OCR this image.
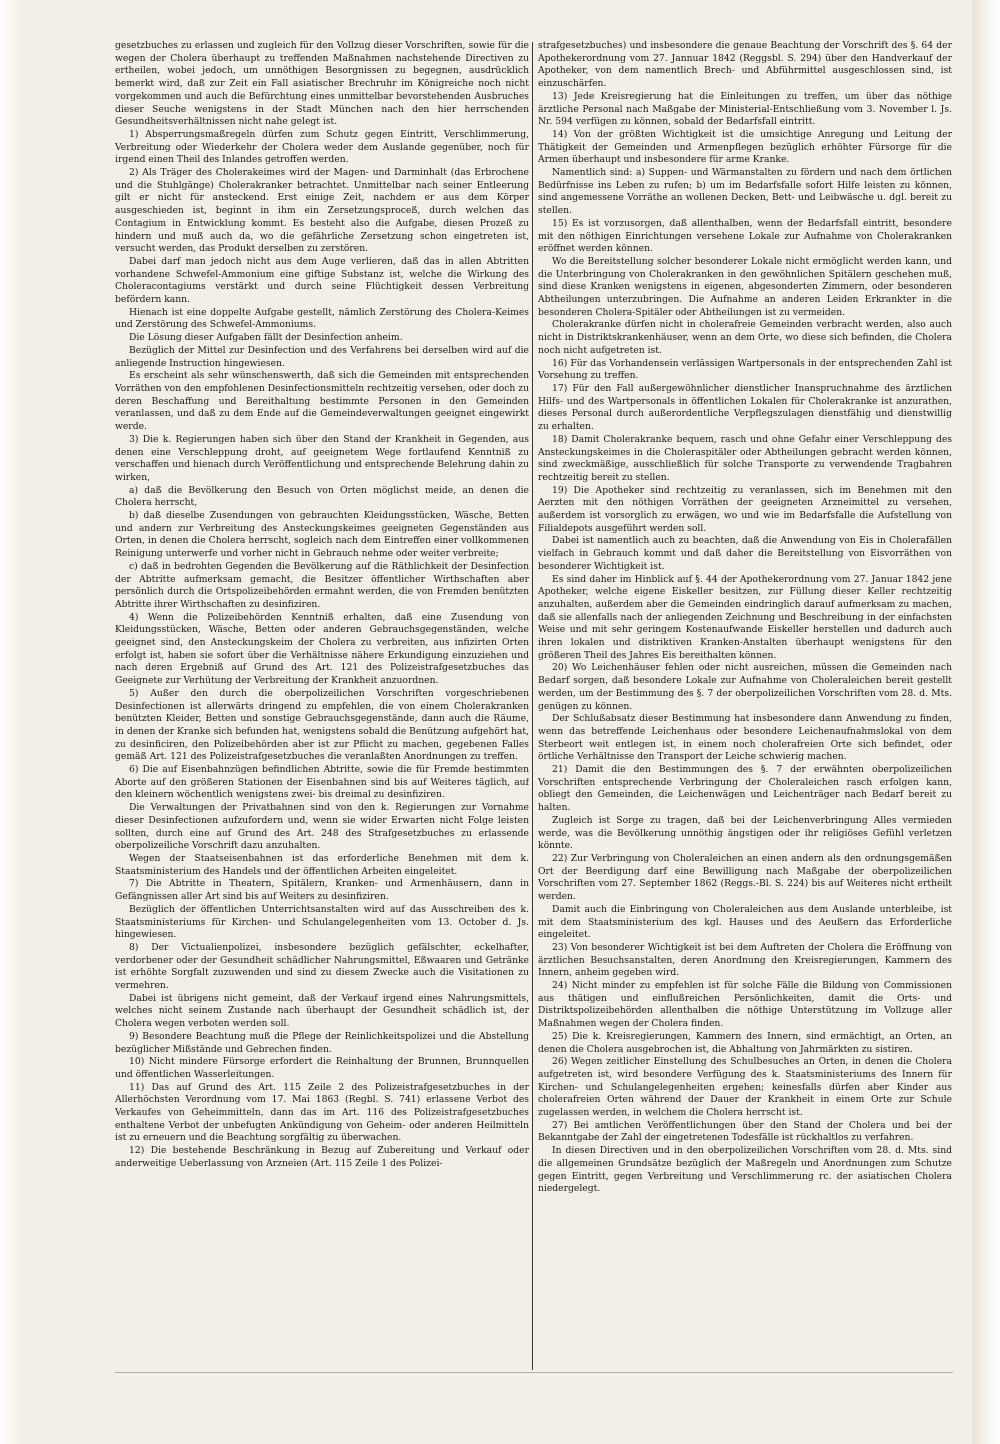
gesetzbuches zu erlassen und zugleich für den Vollzug dieser Vorschriften, sowie für die wegen der Cholera überhaupt zu treffenden Maßnahmen nachstehende Directiven zu ertheilen, wobei jedoch, um unnöthigen Besorgnissen zu begegnen, ausdrücklich bemerkt wird, daß zur Zeit ein Fall asiatischer Brechruhr im Königreiche noch nicht vorgekommen und auch die Befürchtung eines unmittelbar bevorstehenden Ausbruches dieser Seuche wenigstens in der Stadt München nach den hier herrschenden Gesundheitsverhältnissen nicht nahe gelegt ist.

1) Absperrungsmaßregeln dürfen zum Schutz gegen Eintritt, Verschlimmerung, Verbreitung oder Wiederkehr der Cholera weder dem Auslande gegenüber, noch für irgend einen Theil des Inlandes getroffen werden.

2) Als Träger des Cholerakeimes wird der Magen- und Darminhalt (das Erbrochene und die Stuhlgänge) Cholerakranker betrachtet. Unmittelbar nach seiner Entleerung gilt er nicht für ansteckend. Erst einige Zeit, nachdem er aus dem Körper ausgeschieden ist, beginnt in ihm ein Zersetzungsproceß, durch welchen das Contagium in Entwicklung kommt. Es besteht also die Aufgabe, diesen Prozeß zu hindern und muß auch da, wo die gefährliche Zersetzung schon eingetreten ist, versucht werden, das Produkt derselben zu zerstören.

Dabei darf man jedoch nicht aus dem Auge verlieren, daß das in allen Abtritten vorhandene Schwefel-Ammonium eine giftige Substanz ist, welche die Wirkung des Choleracontagiums verstärkt und durch seine Flüchtigkeit dessen Verbreitung befördern kann.

Hienach ist eine doppelte Aufgabe gestellt, nämlich Zerstörung des Cholera-Keimes und Zerstörung des Schwefel-Ammoniums.

Die Lösung dieser Aufgaben fällt der Desinfection anheim.

Bezüglich der Mittel zur Desinfection und des Verfahrens bei derselben wird auf die anliegende Instruction hingewiesen.

Es erscheint als sehr wünschenswerth, daß sich die Gemeinden mit entsprechenden Vorräthen von den empfohlenen Desinfectionsmitteln rechtzeitig versehen, oder doch zu deren Beschaffung und Bereithaltung bestimmte Personen in den Gemeinden veranlassen, und daß zu dem Ende auf die Gemeindeverwaltungen geeignet eingewirkt werde.

3) Die k. Regierungen haben sich über den Stand der Krankheit in Gegenden, aus denen eine Verschleppung droht, auf geeignetem Wege fortlaufend Kenntniß zu verschaffen und hienach durch Veröffentlichung und entsprechende Belehrung dahin zu wirken,

a) daß die Bevölkerung den Besuch von Orten möglichst meide, an denen die Cholera herrscht,

b) daß dieselbe Zusendungen von gebrauchten Kleidungsstücken, Wäsche, Betten und andern zur Verbreitung des Ansteckungskeimes geeigneten Gegenständen aus Orten, in denen die Cholera herrscht, sogleich nach dem Eintreffen einer vollkommenen Reinigung unterwerfe und vorher nicht in Gebrauch nehme oder weiter verbreite;

c) daß in bedrohten Gegenden die Bevölkerung auf die Räthlichkeit der Desinfection der Abtritte aufmerksam gemacht, die Besitzer öffentlicher Wirthschaften aber persönlich durch die Ortspolizeibehörden ermahnt werden, die von Fremden benützten Abtritte ihrer Wirthschaften zu desinfiziren.

4) Wenn die Polizeibehörden Kenntniß erhalten, daß eine Zusendung von Kleidungsstücken, Wäsche, Betten oder anderen Gebrauchsgegenständen, welche geeignet sind, den Ansteckungskeim der Cholera zu verbreiten, aus infizirten Orten erfolgt ist, haben sie sofort über die Verhältnisse nähere Erkundigung einzuziehen und nach deren Ergebniß auf Grund des Art. 121 des Polizeistrafgesetzbuches das Geeignete zur Verhütung der Verbreitung der Krankheit anzuordnen.

5) Außer den durch die oberpolizeilichen Vorschriften vorgeschriebenen Desinfectionen ist allerwärts dringend zu empfehlen, die von einem Cholerakranken benützten Kleider, Betten und sonstige Gebrauchsgegenstände, dann auch die Räume, in denen der Kranke sich befunden hat, wenigstens sobald die Benützung aufgehört hat, zu desinficiren, den Polizeibehörden aber ist zur Pflicht zu machen, gegebenen Falles gemäß Art. 121 des Polizeistrafgesetzbuches die veranlaßten Anordnungen zu treffen.

6) Die auf Eisenbahnzügen befindlichen Abtritte, sowie die für Fremde bestimmten Aborte auf den größeren Stationen der Eisenbahnen sind bis auf Weiteres täglich, auf den kleinern wöchentlich wenigstens zwei- bis dreimal zu desinfiziren.

Die Verwaltungen der Privatbahnen sind von den k. Regierungen zur Vornahme dieser Desinfectionen aufzufordern und, wenn sie wider Erwarten nicht Folge leisten sollten, durch eine auf Grund des Art. 248 des Strafgesetzbuches zu erlassende oberpolizeiliche Vorschrift dazu anzuhalten.

Wegen der Staatseisenbahnen ist das erforderliche Benehmen mit dem k. Staatsministerium des Handels und der öffentlichen Arbeiten eingeleitet.

7) Die Abtritte in Theatern, Spitälern, Kranken- und Armenhäusern, dann in Gefängnissen aller Art sind bis auf Weiters zu desinfiziren.

Bezüglich der öffentlichen Unterrichtsanstalten wird auf das Ausschreiben des k. Staatsministeriums für Kirchen- und Schulangelegenheiten vom 13. October d. Js. hingewiesen.

8) Der Victualienpolizei, insbesondere bezüglich gefälschter, eckelhafter, verdorbener oder der Gesundheit schädlicher Nahrungsmittel, Eßwaaren und Getränke ist erhöhte Sorgfalt zuzuwenden und sind zu diesem Zwecke auch die Visitationen zu vermehren.

Dabei ist übrigens nicht gemeint, daß der Verkauf irgend eines Nahrungsmittels, welches nicht seinem Zustande nach überhaupt der Gesundheit schädlich ist, der Cholera wegen verboten werden soll.

9) Besondere Beachtung muß die Pflege der Reinlichkeitspolizei und die Abstellung bezüglicher Mißstände und Gebrechen finden.

10) Nicht mindere Fürsorge erfordert die Reinhaltung der Brunnen, Brunnquellen und öffentlichen Wasserleitungen.

11) Das auf Grund des Art. 115 Zeile 2 des Polizeistrafgesetzbuches in der Allerhöchsten Verordnung vom 17. Mai 1863 (Regbl. S. 741) erlassene Verbot des Verkaufes von Geheimmitteln, dann das im Art. 116 des Polizeistrafgesetzbuches enthaltene Verbot der unbefugten Ankündigung von Geheim- oder anderen Heilmitteln ist zu erneuern und die Beachtung sorgfältig zu überwachen.

12) Die bestehende Beschränkung in Bezug auf Zubereitung und Verkauf oder anderweitige Ueberlassung von Arzneien (Art. 115 Zeile 1 des Polizei-

strafgesetzbuches) und insbesondere die genaue Beachtung der Vorschrift des §. 64 der Apothekerordnung vom 27. Jannuar 1842 (Reggsbl. S. 294) über den Handverkauf der Apotheker, von dem namentlich Brech- und Abführmittel ausgeschlossen sind, ist einzuschärfen.

13) Jede Kreisregierung hat die Einleitungen zu treffen, um über das nöthige ärztliche Personal nach Maßgabe der Ministerial-Entschließung vom 3. November l. Js. Nr. 594 verfügen zu können, sobald der Bedarfsfall eintritt.

14) Von der größten Wichtigkeit ist die umsichtige Anregung und Leitung der Thätigkeit der Gemeinden und Armenpflegen bezüglich erhöhter Fürsorge für die Armen überhaupt und insbesondere für arme Kranke.

Namentlich sind: a) Suppen- und Wärmanstalten zu fördern und nach dem örtlichen Bedürfnisse ins Leben zu rufen; b) um im Bedarfsfalle sofort Hilfe leisten zu können, sind angemessene Vorräthe an wollenen Decken, Bett- und Leibwäsche u. dgl. bereit zu stellen.

15) Es ist vorzusorgen, daß allenthalben, wenn der Bedarfsfall eintritt, besondere mit den nöthigen Einrichtungen versehene Lokale zur Aufnahme von Cholerakranken eröffnet werden können.

Wo die Bereitstellung solcher besonderer Lokale nicht ermöglicht werden kann, und die Unterbringung von Cholerakranken in den gewöhnlichen Spitälern geschehen muß, sind diese Kranken wenigstens in eigenen, abgesonderten Zimmern, oder besonderen Abtheilungen unterzubringen. Die Aufnahme an anderen Leiden Erkrankter in die besonderen Cholera-Spitäler oder Abtheilungen ist zu vermeiden.

Cholerakranke dürfen nicht in cholerafreie Gemeinden verbracht werden, also auch nicht in Distriktskrankenhäuser, wenn an dem Orte, wo diese sich befinden, die Cholera noch nicht aufgetreten ist.

16) Für das Vorhandensein verlässigen Wartpersonals in der entsprechenden Zahl ist Vorsehung zu treffen.

17) Für den Fall außergewöhnlicher dienstlicher Inanspruchnahme des ärztlichen Hilfs- und des Wartpersonals in öffentlichen Lokalen für Cholerakranke ist anzurathen, dieses Personal durch außerordentliche Verpflegszulagen dienstfähig und dienstwillig zu erhalten.

18) Damit Cholerakranke bequem, rasch und ohne Gefahr einer Verschleppung des Ansteckungskeimes in die Choleraspitäler oder Abtheilungen gebracht werden können, sind zweckmäßige, ausschließlich für solche Transporte zu verwendende Tragbahren rechtzeitig bereit zu stellen.

19) Die Apotheker sind rechtzeitig zu veranlassen, sich im Benehmen mit den Aerzten mit den nöthigen Vorräthen der geeigneten Arzneimittel zu versehen, außerdem ist vorsorglich zu erwägen, wo und wie im Bedarfsfalle die Aufstellung von Filialdepots ausgeführt werden soll.

Dabei ist namentlich auch zu beachten, daß die Anwendung von Eis in Cholerafällen vielfach in Gebrauch kommt und daß daher die Bereitstellung von Eisvorräthen von besonderer Wichtigkeit ist.

Es sind daher im Hinblick auf §. 44 der Apothekerordnung vom 27. Januar 1842 jene Apotheker, welche eigene Eiskeller besitzen, zur Füllung dieser Keller rechtzeitig anzuhalten, außerdem aber die Gemeinden eindringlich darauf aufmerksam zu machen, daß sie allenfalls nach der anliegenden Zeichnung und Beschreibung in der einfachsten Weise und mit sehr geringem Kostenaufwande Eiskeller herstellen und dadurch auch ihren lokalen und distriktiven Kranken-Anstalten überhaupt wenigstens für den größeren Theil des Jahres Eis bereithalten können.

20) Wo Leichenhäuser fehlen oder nicht ausreichen, müssen die Gemeinden nach Bedarf sorgen, daß besondere Lokale zur Aufnahme von Choleraleichen bereit gestellt werden, um der Bestimmung des §. 7 der oberpolizeilichen Vorschriften vom 28. d. Mts. genügen zu können.

Der Schlußabsatz dieser Bestimmung hat insbesondere dann Anwendung zu finden, wenn das betreffende Leichenhaus oder besondere Leichenaufnahmslokal von dem Sterbeort weit entlegen ist, in einem noch cholerafreien Orte sich befindet, oder örtliche Verhältnisse den Transport der Leiche schwierig machen.

21) Damit die den Bestimmungen des §. 7 der erwähnten oberpolizeilichen Vorschriften entsprechende Verbringung der Choleraleichen rasch erfolgen kann, obliegt den Gemeinden, die Leichenwägen und Leichenträger nach Bedarf bereit zu halten.

Zugleich ist Sorge zu tragen, daß bei der Leichenverbringung Alles vermieden werde, was die Bevölkerung unnöthig ängstigen oder ihr religiöses Gefühl verletzen könnte.

22) Zur Verbringung von Choleraleichen an einen andern als den ordnungsgemäßen Ort der Beerdigung darf eine Bewilligung nach Maßgabe der oberpolizeilichen Vorschriften vom 27. September 1862 (Reggs.-Bl. S. 224) bis auf Weiteres nicht ertheilt werden.

Damit auch die Einbringung von Choleraleichen aus dem Auslande unterbleibe, ist mit dem Staatsministerium des kgl. Hauses und des Aeußern das Erforderliche eingeleitet.

23) Von besonderer Wichtigkeit ist bei dem Auftreten der Cholera die Eröffnung von ärztlichen Besuchsanstalten, deren Anordnung den Kreisregierungen, Kammern des Innern, anheim gegeben wird.

24) Nicht minder zu empfehlen ist für solche Fälle die Bildung von Commissionen aus thätigen und einflußreichen Persönlichkeiten, damit die Orts- und Distriktspolizeibehörden allenthalben die nöthige Unterstützung im Vollzuge aller Maßnahmen wegen der Cholera finden.

25) Die k. Kreisregierungen, Kammern des Innern, sind ermächtigt, an Orten, an denen die Cholera ausgebrochen ist, die Abhaltung von Jahrmärkten zu sistiren.

26) Wegen zeitlicher Einstellung des Schulbesuches an Orten, in denen die Cholera aufgetreten ist, wird besondere Verfügung des k. Staatsministeriums des Innern für Kirchen- und Schulangelegenheiten ergehen; keinesfalls dürfen aber Kinder aus cholerafreien Orten während der Dauer der Krankheit in einem Orte zur Schule zugelassen werden, in welchem die Cholera herrscht ist.

27) Bei amtlichen Veröffentlichungen über den Stand der Cholera und bei der Bekanntgabe der Zahl der eingetretenen Todesfälle ist rückhaltlos zu verfahren.

In diesen Directiven und in den oberpolizeilichen Vorschriften vom 28. d. Mts. sind die allgemeinen Grundsätze bezüglich der Maßregeln und Anordnungen zum Schutze gegen Eintritt, gegen Verbreitung und Verschlimmerung rc. der asiatischen Cholera niedergelegt.
